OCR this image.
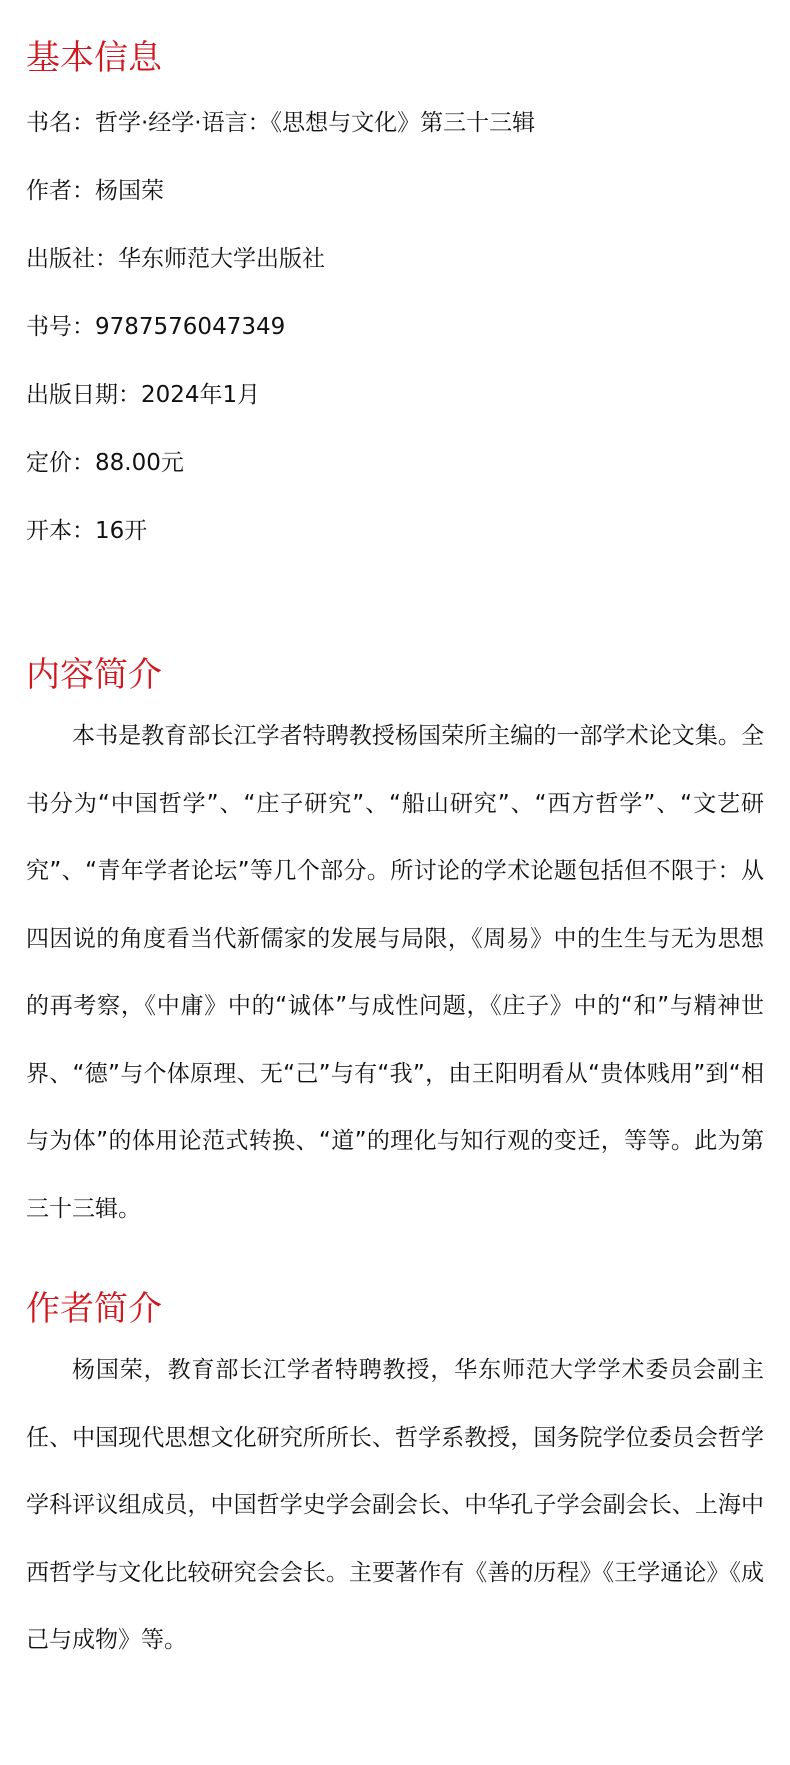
基本信息
书名：哲学·经学·语言：《思想与文化》第三十三辑
作者：杨国荣
出版社：华东师范大学出版社
书号：9787576047349
出版日期：2024年1月
定价：88.00元
开本：16开
内容简介

本书是教育部长江学者特聘教授杨国荣所主编的一部学术论文集。全书分为“中国哲学”、“庄子研究”、“船山研究”、“西方哲学”、“文艺研究”、“青年学者论坛”等几个部分。所讨论的学术论题包括但不限于：从四因说的角度看当代新儒家的发展与局限，《周易》中的生生与无为思想的再考察，《中庸》中的“诚体”与成性问题，《庄子》中的“和”与精神世界、“德”与个体原理、无“己”与有“我”，由王阳明看从“贵体贱用”到“相与为体”的体用论范式转换、“道”的理化与知行观的变迁，等等。此为第三十三辑。

作者简介

杨国荣，教育部长江学者特聘教授，华东师范大学学术委员会副主任、中国现代思想文化研究所所长、哲学系教授，国务院学位委员会哲学学科评议组成员，中国哲学史学会副会长、中华孔子学会副会长、上海中西哲学与文化比较研究会会长。主要著作有《善的历程》《王学通论》《成己与成物》等。
